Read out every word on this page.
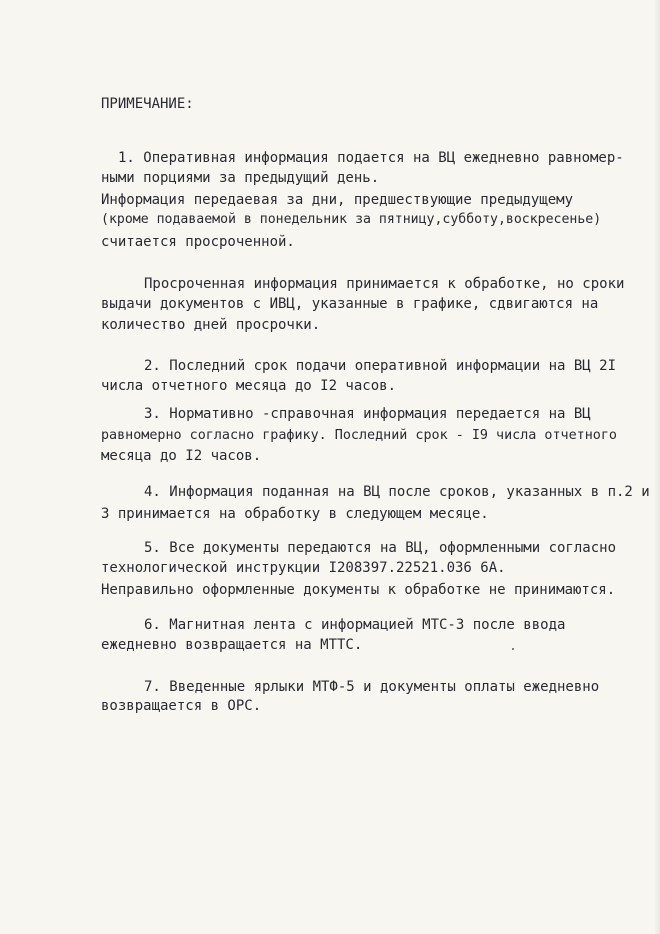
ПРИМЕЧАНИЕ:
1. Оперативная информация подается на ВЦ ежедневно равномер-
ными порциями за предыдущий день.
Информация передаевая за дни, предшествующие предыдущему
(кроме подаваемой в понедельник за пятницу,субботу,воскресенье)
считается просроченной.
Просроченная информация принимается к обработке, но сроки
выдачи документов с ИВЦ, указанные в графике, сдвигаются на
количество дней просрочки.
2. Последний срок подачи оперативной информации на ВЦ 2I
числа отчетного месяца до I2 часов.
3. Нормативно -справочная информация передается на ВЦ
равномерно согласно графику. Последний срок - I9 числа отчетного
месяца до I2 часов.
4. Информация поданная на ВЦ после сроков, указанных в п.2 и
3 принимается на обработку в следующем месяце.
5. Все документы передаются на ВЦ, оформленными согласно
технологической инструкции I208397.22521.036 6А.
Неправильно оформленные документы к обработке не принимаются.
6. Магнитная лента с информацией МТС-3 после ввода
ежедневно возвращается на МТТС.
7. Введенные ярлыки МТФ-5 и документы оплаты ежедневно
возвращается в ОРС.
